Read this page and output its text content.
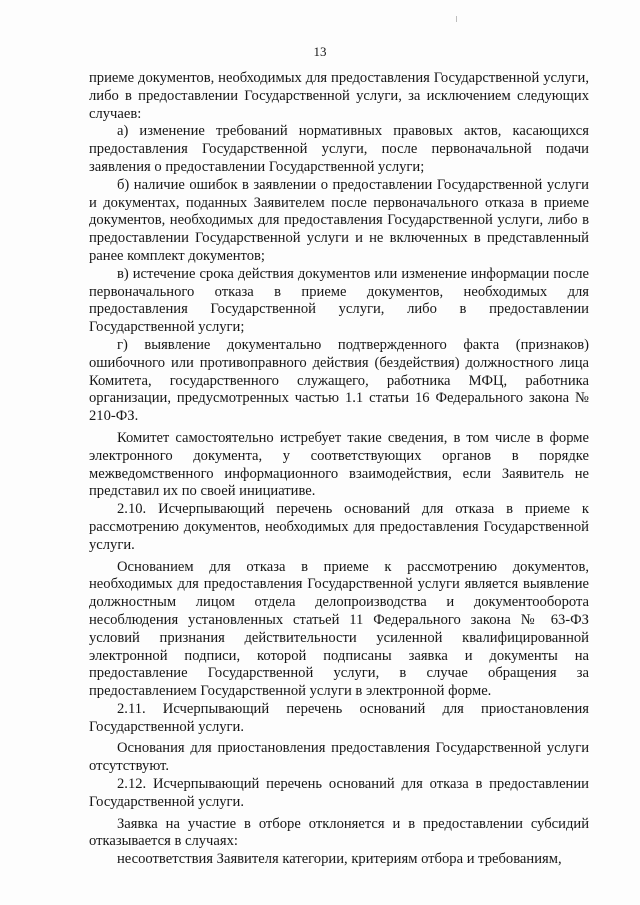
13

приеме документов, необходимых для предоставления Государственной услуги, либо в предоставлении Государственной услуги, за исключением следующих случаев:

а) изменение требований нормативных правовых актов, касающихся предоставления Государственной услуги, после первоначальной подачи заявления о предоставлении Государственной услуги;

б) наличие ошибок в заявлении о предоставлении Государственной услуги и документах, поданных Заявителем после первоначального отказа в приеме документов, необходимых для предоставления Государственной услуги, либо в предоставлении Государственной услуги и не включенных в представленный ранее комплект документов;

в) истечение срока действия документов или изменение информации после первоначального отказа в приеме документов, необходимых для предоставления Государственной услуги, либо в предоставлении Государственной услуги;

г) выявление документально подтвержденного факта (признаков) ошибочного или противоправного действия (бездействия) должностного лица Комитета, государственного служащего, работника МФЦ, работника организации, предусмотренных частью 1.1 статьи 16 Федерального закона № 210-ФЗ.

Комитет самостоятельно истребует такие сведения, в том числе в форме электронного документа, у соответствующих органов в порядке межведомственного информационного взаимодействия, если Заявитель не представил их по своей инициативе.

2.10. Исчерпывающий перечень оснований для отказа в приеме к рассмотрению документов, необходимых для предоставления Государственной услуги.

Основанием для отказа в приеме к рассмотрению документов, необходимых для предоставления Государственной услуги является выявление должностным лицом отдела делопроизводства и документооборота несоблюдения установленных статьей 11 Федерального закона № 63-ФЗ условий признания действительности усиленной квалифицированной электронной подписи, которой подписаны заявка и документы на предоставление Государственной услуги, в случае обращения за предоставлением Государственной услуги в электронной форме.

2.11. Исчерпывающий перечень оснований для приостановления Государственной услуги.

Основания для приостановления предоставления Государственной услуги отсутствуют.

2.12. Исчерпывающий перечень оснований для отказа в предоставлении Государственной услуги.

Заявка на участие в отборе отклоняется и в предоставлении субсидий отказывается в случаях:

несоответствия Заявителя категории, критериям отбора и требованиям,
